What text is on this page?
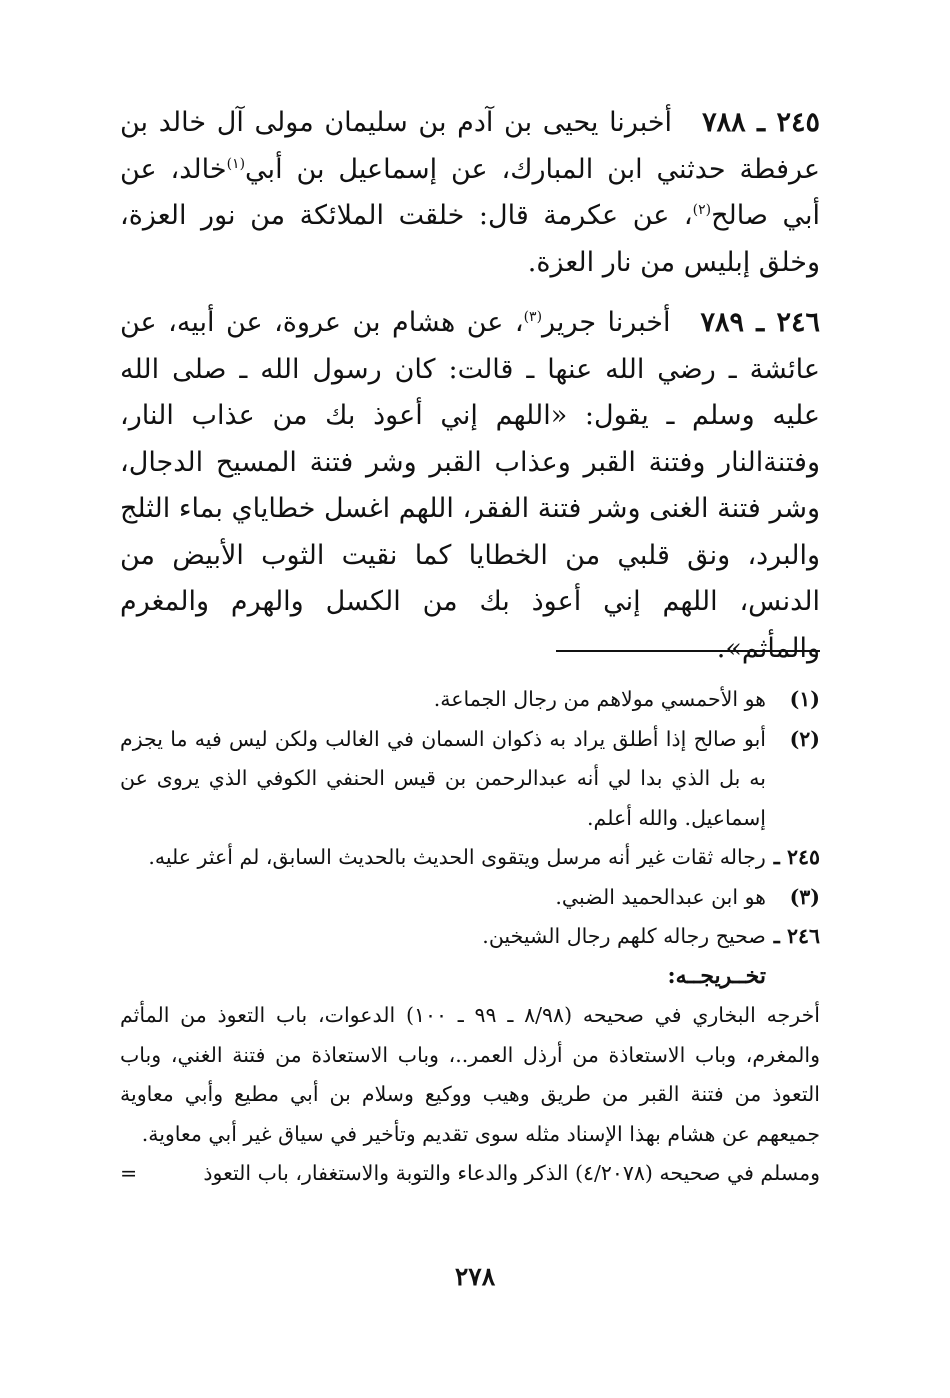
٢٤٥ ـ ٧٨٨أخبرنا يحيى بن آدم بن سليمان مولى آل خالد بن عرفطة حدثني ابن المبارك، عن إسماعيل بن أبي$^{(١)}$خالد، عن أبي صالح$^{(٢)}$، عن عكرمة قال: خلقت الملائكة من نور العزة، وخلق إبليس من نار العزة.

٢٤٦ ـ ٧٨٩أخبرنا جرير$^{(٣)}$، عن هشام بن عروة، عن أبيه، عن عائشة ـ رضي الله عنها ـ قالت: كان رسول الله ـ صلى الله عليه وسلم ـ يقول: «اللهم إني أعوذ بك من عذاب النار، وفتنةالنار وفتنة القبر وعذاب القبر وشر فتنة المسيح الدجال، وشر فتنة الغنى وشر فتنة الفقر، اللهم اغسل خطاياي بماء الثلج والبرد، ونق قلبي من الخطايا كما نقيت الثوب الأبيض من الدنس، اللهم إني أعوذ بك من الكسل والهرم والمغرم والمأثم».

(١)
هو الأحمسي مولاهم من رجال الجماعة.
(٢)
أبو صالح إذا أطلق يراد به ذكوان السمان في الغالب ولكن ليس فيه ما يجزم به بل الذي بدا لي أنه عبدالرحمن بن قيس الحنفي الكوفي الذي يروى عن إسماعيل. والله أعلم.
٢٤٥ ـ
رجاله ثقات غير أنه مرسل ويتقوى الحديث بالحديث السابق، لم أعثر عليه.
(٣)
هو ابن عبدالحميد الضبي.
٢٤٦ ـ
صحيح رجاله كلهم رجال الشيخين.
تخــريجــه:
أخرجه البخاري في صحيحه (٨/٩٨ ـ ٩٩ ـ ١٠٠) الدعوات، باب التعوذ من المأثم والمغرم، وباب الاستعاذة من أرذل العمر..، وباب الاستعاذة من فتنة الغني، وباب التعوذ من فتنة القبر من طريق وهيب ووكيع وسلام بن أبي مطيع وأبي معاوية جميعهم عن هشام بهذا الإسناد مثله سوى تقديم وتأخير في سياق غير أبي معاوية.
ومسلم في صحيحه (٤/٢٠٧٨) الذكر والدعاء والتوبة والاستغفار، باب التعوذ
=
٢٧٨
